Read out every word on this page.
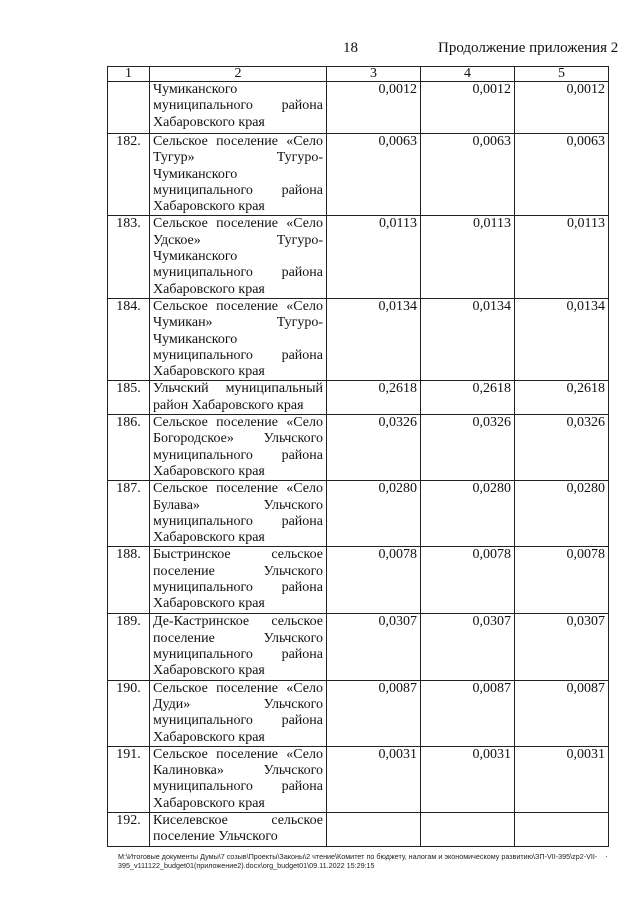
18	Продолжение приложения 2
1	2	3	4	5
	Чумиканского муниципального района Хабаровского края	0,0012	0,0012	0,0012
182.	Сельское поселение «Село Тугур» Тугуро-Чумиканского муниципального района Хабаровского края	0,0063	0,0063	0,0063
183.	Сельское поселение «Село Удское» Тугуро-Чумиканского муниципального района Хабаровского края	0,0113	0,0113	0,0113
184.	Сельское поселение «Село Чумикан» Тугуро-Чумиканского муниципального района Хабаровского края	0,0134	0,0134	0,0134
185.	Ульчский муниципальный район Хабаровского края	0,2618	0,2618	0,2618
186.	Сельское поселение «Село Богородское» Ульчского муниципального района Хабаровского края	0,0326	0,0326	0,0326
187.	Сельское поселение «Село Булава» Ульчского муниципального района Хабаровского края	0,0280	0,0280	0,0280
188.	Быстринское сельское поселение Ульчского муниципального района Хабаровского края	0,0078	0,0078	0,0078
189.	Де-Кастринское сельское поселение Ульчского муниципального района Хабаровского края	0,0307	0,0307	0,0307
190.	Сельское поселение «Село Дуди» Ульчского муниципального района Хабаровского края	0,0087	0,0087	0,0087
191.	Сельское поселение «Село Калиновка» Ульчского муниципального района Хабаровского края	0,0031	0,0031	0,0031
192.	Киселевское сельское поселение Ульчского			
М:\Итоговые документы Думы\7 созыв\Проекты\Законы\2 чтение\Комитет по бюджету, налогам и экономическому развитию\ЗП-VII-395\zp2-VII-
395_v111122_budget01(приложение2).docx\org_budget01\09.11.2022 15:29:15
·
